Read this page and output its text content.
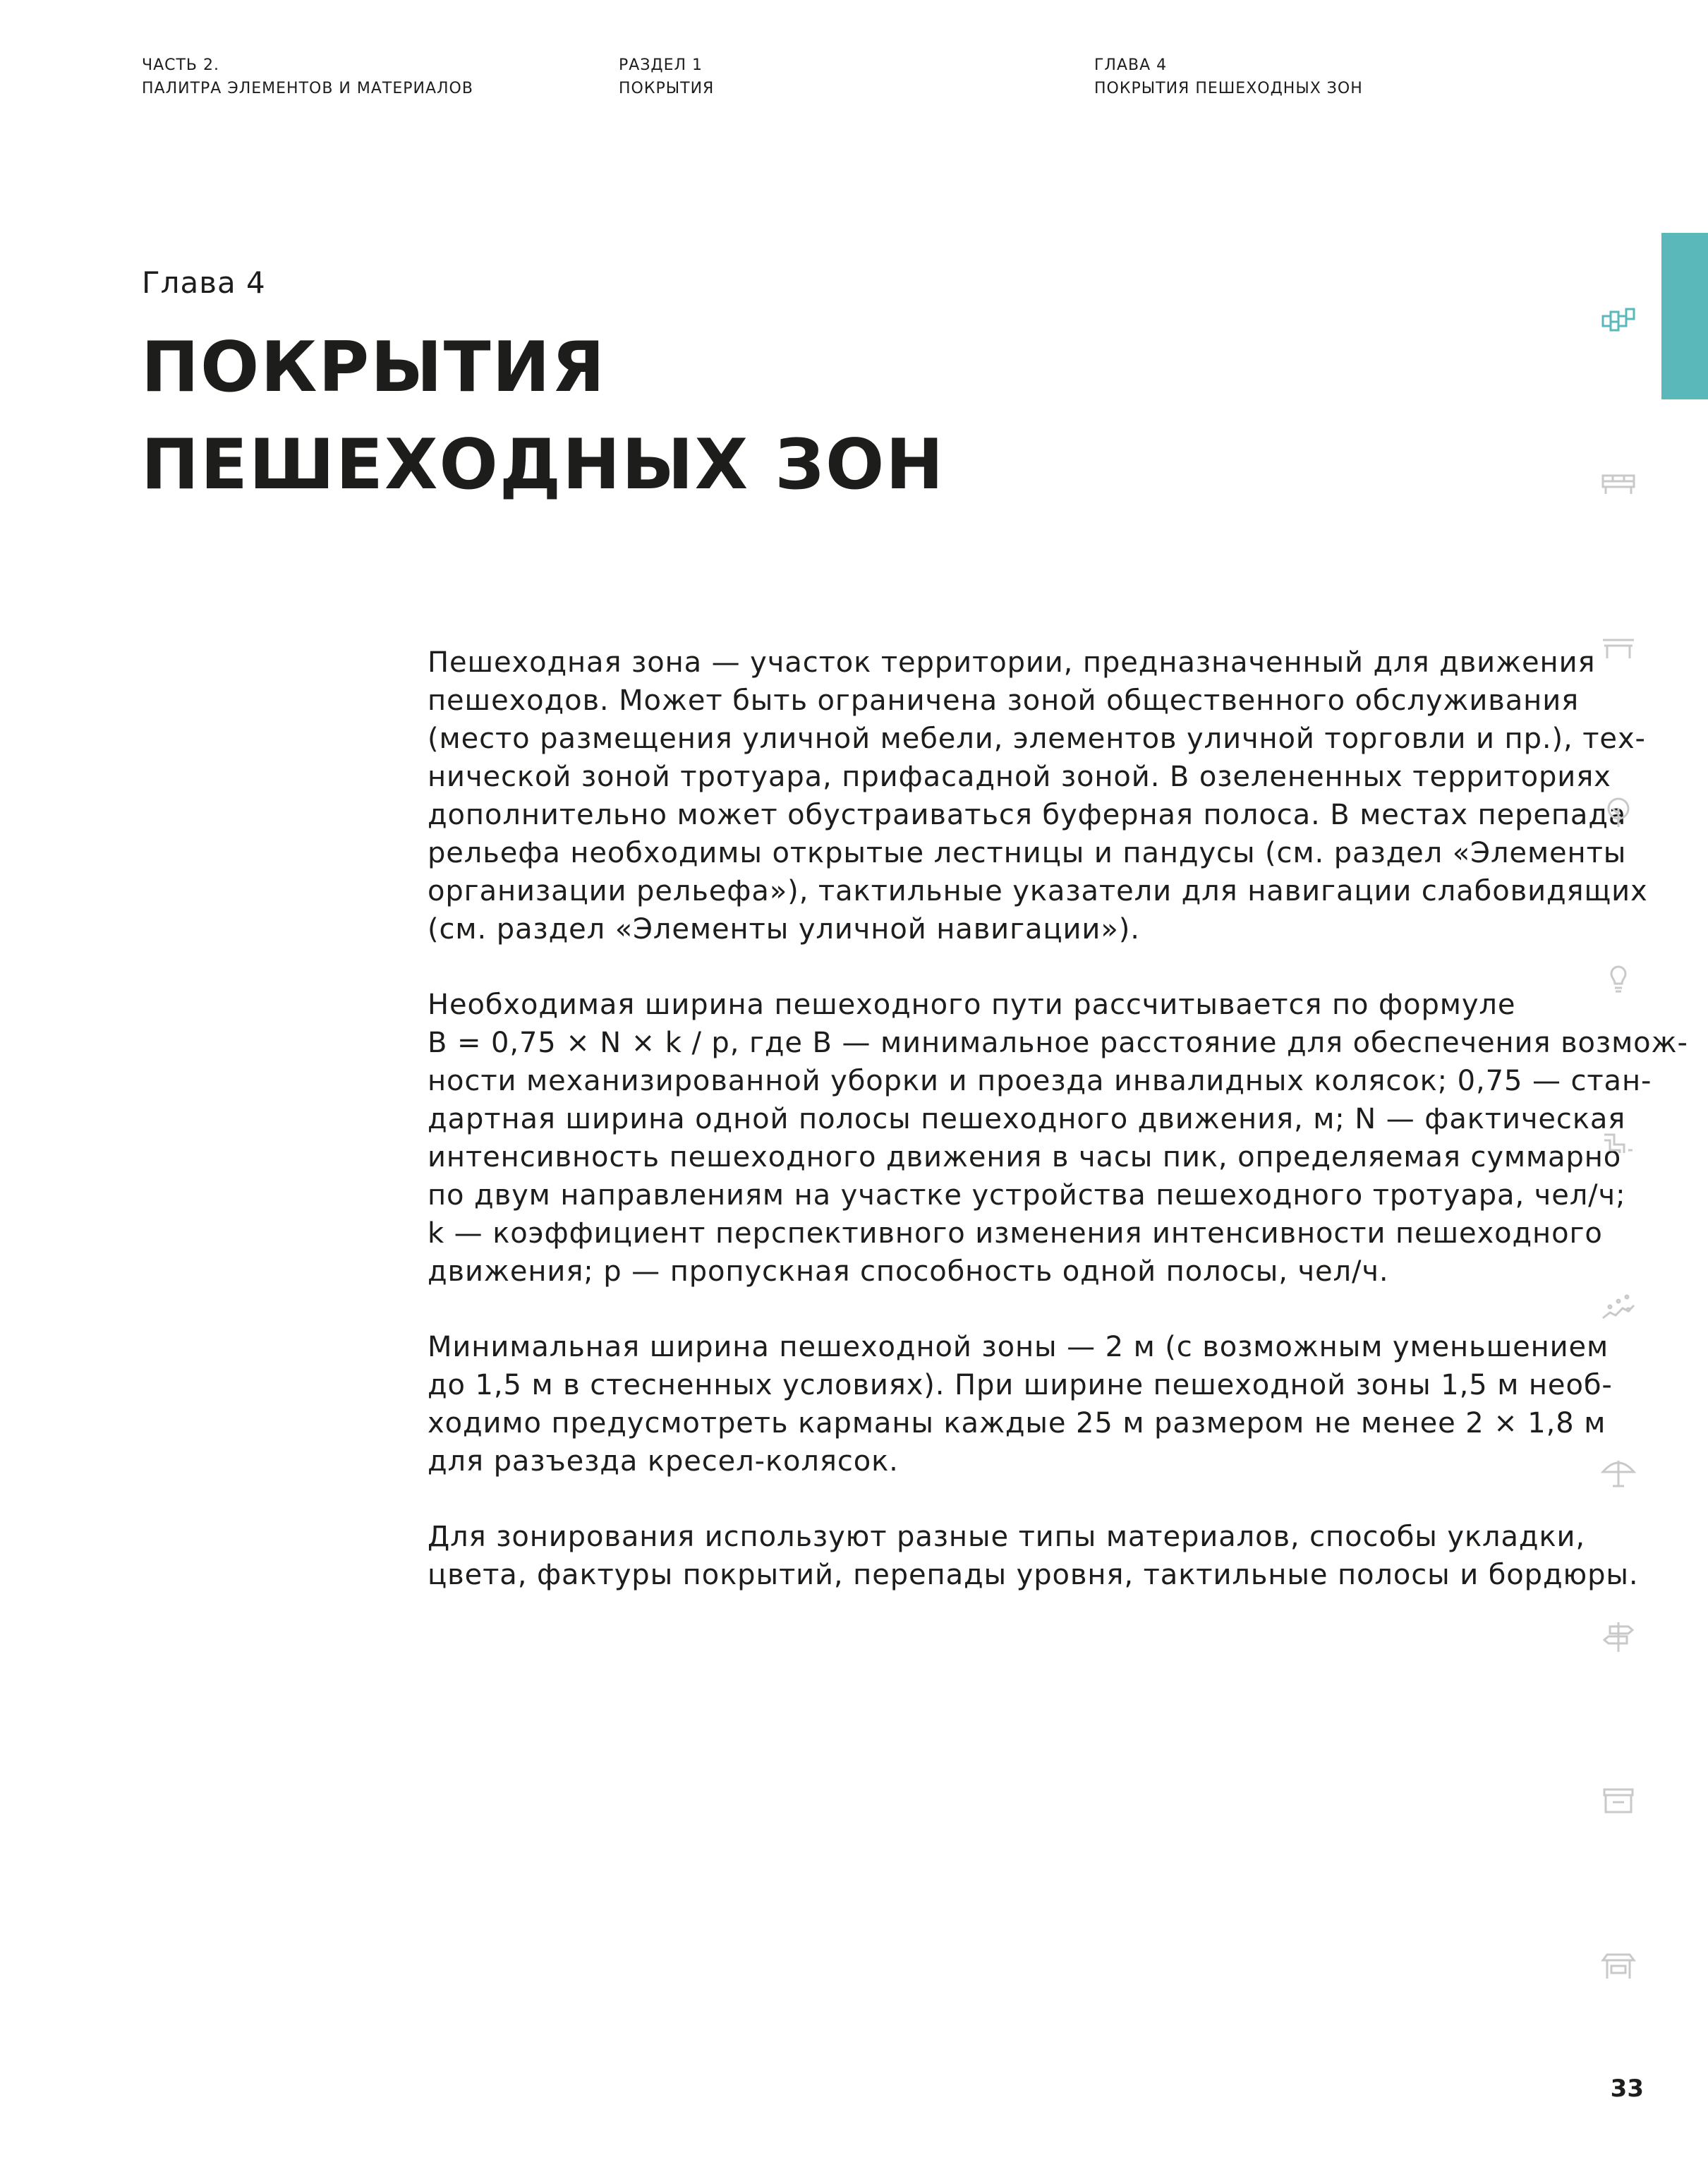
ЧАСТЬ 2.
ПАЛИТРА ЭЛЕМЕНТОВ И МАТЕРИАЛОВ
РАЗДЕЛ 1
ПОКРЫТИЯ
ГЛАВА 4
ПОКРЫТИЯ ПЕШЕХОДНЫХ ЗОН
Глава 4
ПОКРЫТИЯ
ПЕШЕХОДНЫХ ЗОН
Пешеходная зона — участок территории, предназначенный для движения
пешеходов. Может быть ограничена зоной общественного обслуживания
(место размещения уличной мебели, элементов уличной торговли и пр.), тех-
нической зоной тротуара, прифасадной зоной. В озелененных территориях
дополнительно может обустраиваться буферная полоса. В местах перепада
рельефа необходимы открытые лестницы и пандусы (см. раздел «Элементы
организации рельефа»), тактильные указатели для навигации слабовидящих
(см. раздел «Элементы уличной навигации»).
Необходимая ширина пешеходного пути рассчитывается по формуле
B = 0,75 × N × k / p, где B — минимальное расстояние для обеспечения возмож-
ности механизированной уборки и проезда инвалидных колясок; 0,75 — стан-
дартная ширина одной полосы пешеходного движения, м; N — фактическая
интенсивность пешеходного движения в часы пик, определяемая суммарно
по двум направлениям на участке устройства пешеходного тротуара, чел/ч;
k — коэффициент перспективного изменения интенсивности пешеходного
движения; p — пропускная способность одной полосы, чел/ч.
Минимальная ширина пешеходной зоны — 2 м (с возможным уменьшением
до 1,5 м в стесненных условиях). При ширине пешеходной зоны 1,5 м необ-
ходимо предусмотреть карманы каждые 25 м размером не менее 2 × 1,8 м
для разъезда кресел-колясок.
Для зонирования используют разные типы материалов, способы укладки,
цвета, фактуры покрытий, перепады уровня, тактильные полосы и бордюры.
33
